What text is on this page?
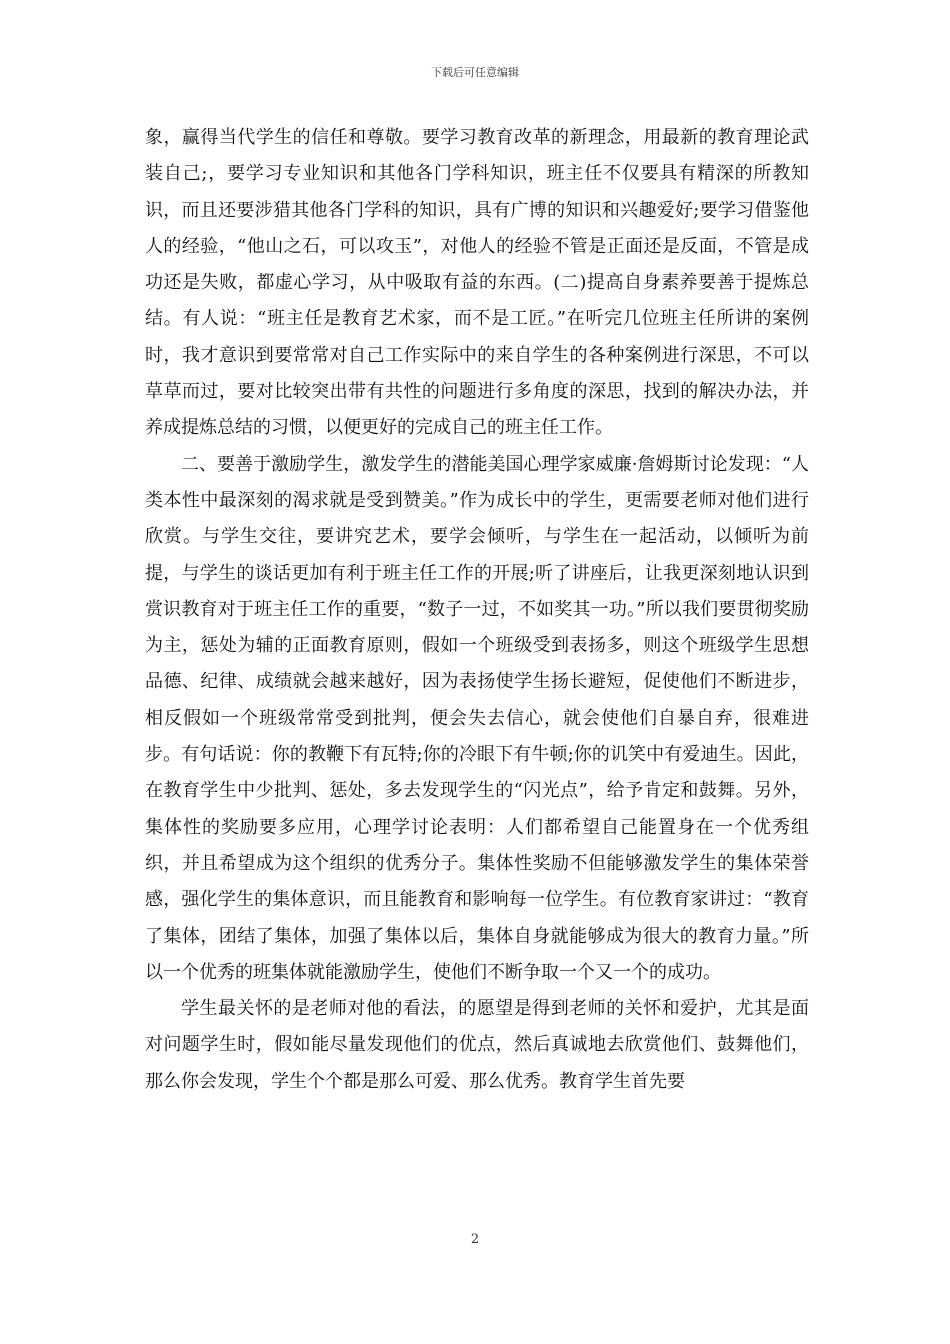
下载后可任意编辑

象，赢得当代学生的信任和尊敬。要学习教育改革的新理念，用最新的教育理论武装自己;，要学习专业知识和其他各门学科知识，班主任不仅要具有精深的所教知识，而且还要涉猎其他各门学科的知识，具有广博的知识和兴趣爱好;要学习借鉴他人的经验，“他山之石，可以攻玉”，对他人的经验不管是正面还是反面，不管是成功还是失败，都虚心学习，从中吸取有益的东西。(二)提高自身素养要善于提炼总结。有人说：“班主任是教育艺术家，而不是工匠。”在听完几位班主任所讲的案例时，我才意识到要常常对自己工作实际中的来自学生的各种案例进行深思，不可以草草而过，要对比较突出带有共性的问题进行多角度的深思，找到的解决办法，并养成提炼总结的习惯，以便更好的完成自己的班主任工作。

二、要善于激励学生，激发学生的潜能美国心理学家威廉·詹姆斯讨论发现：“人类本性中最深刻的渴求就是受到赞美。”作为成长中的学生，更需要老师对他们进行欣赏。与学生交往，要讲究艺术，要学会倾听，与学生在一起活动，以倾听为前提，与学生的谈话更加有利于班主任工作的开展;听了讲座后，让我更深刻地认识到赏识教育对于班主任工作的重要，“数子一过，不如奖其一功。”所以我们要贯彻奖励为主，惩处为辅的正面教育原则，假如一个班级受到表扬多，则这个班级学生思想品德、纪律、成绩就会越来越好，因为表扬使学生扬长避短，促使他们不断进步，相反假如一个班级常常受到批判，便会失去信心，就会使他们自暴自弃，很难进步。有句话说：你的教鞭下有瓦特;你的冷眼下有牛顿;你的讥笑中有爱迪生。因此，在教育学生中少批判、惩处，多去发现学生的“闪光点”，给予肯定和鼓舞。另外，集体性的奖励要多应用，心理学讨论表明：人们都希望自己能置身在一个优秀组织，并且希望成为这个组织的优秀分子。集体性奖励不但能够激发学生的集体荣誉感，强化学生的集体意识，而且能教育和影响每一位学生。有位教育家讲过：“教育了集体，团结了集体，加强了集体以后，集体自身就能够成为很大的教育力量。”所以一个优秀的班集体就能激励学生，使他们不断争取一个又一个的成功。

学生最关怀的是老师对他的看法，的愿望是得到老师的关怀和爱护，尤其是面对问题学生时，假如能尽量发现他们的优点，然后真诚地去欣赏他们、鼓舞他们，那么你会发现，学生个个都是那么可爱、那么优秀。教育学生首先要

2
